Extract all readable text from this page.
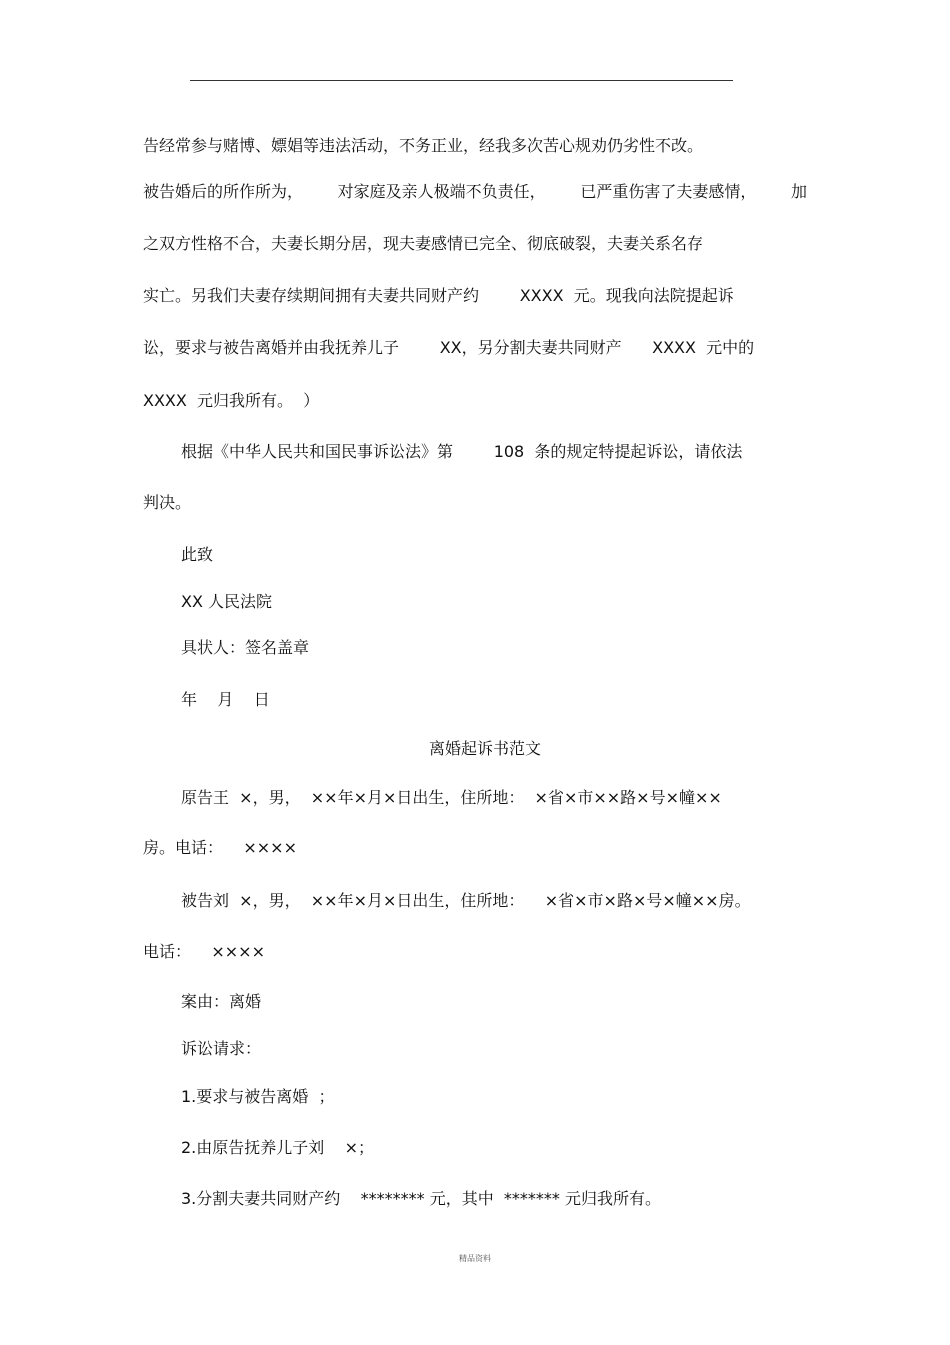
告经常参与赌博、嫖娼等违法活动，不务正业，经我多次苦心规劝仍劣性不改。

被告婚后的所作所为， 对家庭及亲人极端不负责任， 已严重伤害了夫妻感情， 加

之双方性格不合，夫妻长期分居，现夫妻感情已完全、彻底破裂，夫妻关系名存

实亡。另我们夫妻存续期间拥有夫妻共同财产约        XXXX  元。现我向法院提起诉

讼，要求与被告离婚并由我抚养儿子        XX，另分割夫妻共同财产      XXXX  元中的

XXXX  元归我所有。  ）

根据《中华人民共和国民事诉讼法》第        108  条的规定特提起诉讼，请依法

判决。

此致

XX 人民法院

具状人：签名盖章

年    月    日

离婚起诉书范文

原告王  ×，男，  ××年×月×日出生，住所地：  ×省×市××路×号×幢××

房。电话：    ××××

被告刘  ×，男，  ××年×月×日出生，住所地：    ×省×市×路×号×幢××房。

电话：    ××××

案由：离婚

诉讼请求：

1.要求与被告离婚  ；

2.由原告抚养儿子刘    ×；

3.分割夫妻共同财产约    ******** 元，其中  ******* 元归我所有。

精品资料
